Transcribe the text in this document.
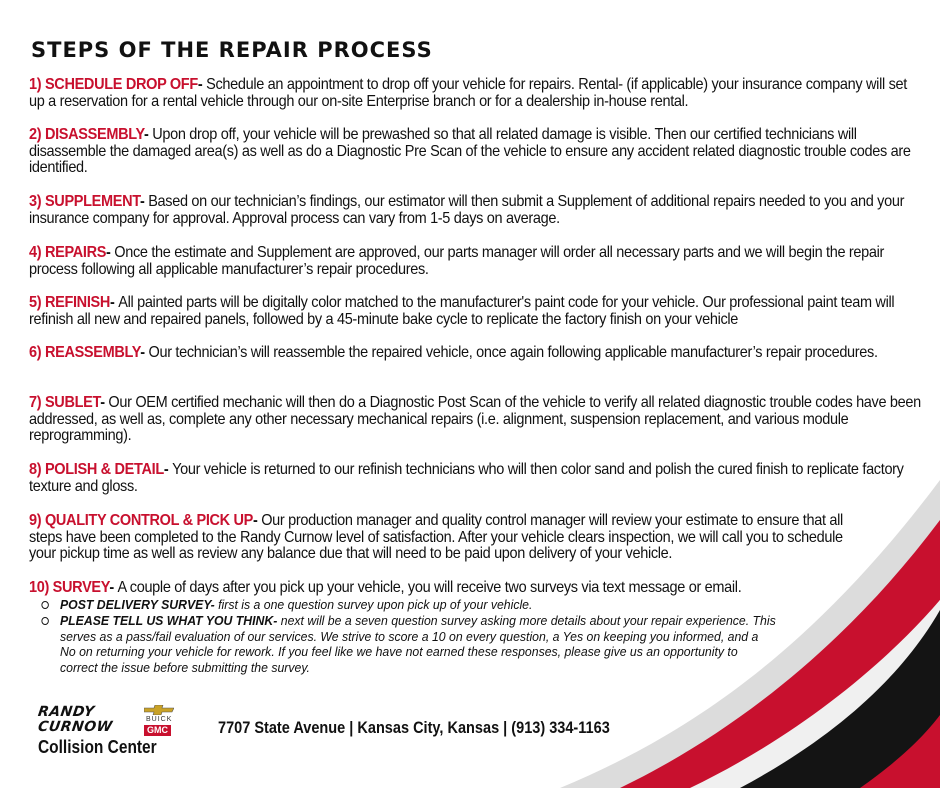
STEPS OF THE REPAIR PROCESS

1) SCHEDULE DROP OFF- Schedule an appointment to drop off your vehicle for repairs. Rental- (if applicable) your insurance company will set up a reservation for a rental vehicle through our on-site Enterprise branch or for a dealership in-house rental.

2) DISASSEMBLY- Upon drop off, your vehicle will be prewashed so that all related damage is visible. Then our certified technicians will disassemble the damaged area(s) as well as do a Diagnostic Pre Scan of the vehicle to ensure any accident related diagnostic trouble codes are identified.

3) SUPPLEMENT- Based on our technician’s findings, our estimator will then submit a Supplement of additional repairs needed to you and your insurance company for approval. Approval process can vary from 1-5 days on average.

4) REPAIRS- Once the estimate and Supplement are approved, our parts manager will order all necessary parts and we will begin the repair process following all applicable manufacturer’s repair procedures.

5) REFINISH- All painted parts will be digitally color matched to the manufacturer's paint code for your vehicle. Our professional paint team will refinish all new and repaired panels, followed by a 45-minute bake cycle to replicate the factory finish on your vehicle

6) REASSEMBLY- Our technician’s will reassemble the repaired vehicle, once again following applicable manufacturer’s repair procedures.

7) SUBLET- Our OEM certified mechanic will then do a Diagnostic Post Scan of the vehicle to verify all related diagnostic trouble codes have been addressed, as well as, complete any other necessary mechanical repairs (i.e. alignment, suspension replacement, and various module reprogramming).

8) POLISH & DETAIL- Your vehicle is returned to our refinish technicians who will then color sand and polish the cured finish to replicate factory texture and gloss.

9) QUALITY CONTROL & PICK UP- Our production manager and quality control manager will review your estimate to ensure that all steps have been completed to the Randy Curnow level of satisfaction. After your vehicle clears inspection, we will call you to schedule your pickup time as well as review any balance due that will need to be paid upon delivery of your vehicle.

10) SURVEY- A couple of days after you pick up your vehicle, you will receive two surveys via text message or email.

POST DELIVERY SURVEY- first is a one question survey upon pick up of your vehicle.

PLEASE TELL US WHAT YOU THINK- next will be a seven question survey asking more details about your repair experience. This serves as a pass/fail evaluation of our services. We strive to score a 10 on every question, a Yes on keeping you informed, and a No on returning your vehicle for rework. If you feel like we have not earned these responses, please give us an opportunity to correct the issue before submitting the survey.

RANDY
CURNOW
Collision Center
BUICK
GMC	7707 State Avenue | Kansas City, Kansas | (913) 334-1163
